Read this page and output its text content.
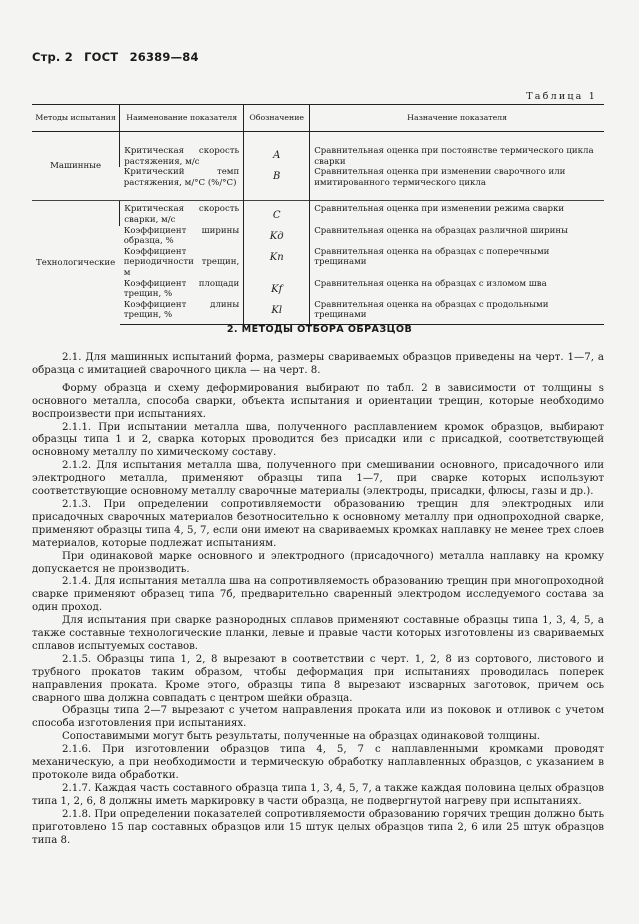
Стр. 2 ГОСТ 26389—84
Таблица 1
Методы испытания	Наименование показателя	Обозначение	Назначение показателя
Машинные	Критическая скорость растяжения, м/с	A	Сравнительная оценка при постоянстве термического цикла сварки
	Критический темп растяжения, м/°С (%/°С)	B	Сравнительная оценка при изменении сварочного или имитированного термического цикла
Технологические	Критическая скорость сварки, м/с	C	Сравнительная оценка при изменении режима сварки
	Коэффициент ширины образца, %	Kд	Сравнительная оценка на образцах различной ширины
	Коэффициент периодичности трещин, м	Kп	Сравнительная оценка на образцах с поперечными трещинами
	Коэффициент площади трещин, %	Kf	Сравнительная оценка на образцах с изломом шва
	Коэффициент длины трещин, %	Kl	Сравнительная оценка на образцах с продольными трещинами
2. МЕТОДЫ ОТБОРА ОБРАЗЦОВ

2.1. Для машинных испытаний форма, размеры свариваемых образцов приведены на черт. 1—7, а образца с имитацией сварочного цикла — на черт. 8.

Форму образца и схему деформирования выбирают по табл. 2 в зависимости от толщины s основного металла, способа сварки, объекта испытания и ориентации трещин, которые необходимо воспроизвести при испытаниях.

2.1.1. При испытании металла шва, полученного расплавлением кромок образцов, выбирают образцы типа 1 и 2, сварка которых проводится без присадки или с присадкой, соответствующей основному металлу по химическому составу.

2.1.2. Для испытания металла шва, полученного при смешивании основного, присадочного или электродного металла, применяют образцы типа 1—7, при сварке которых используют соответствующие основному металлу сварочные материалы (электроды, присадки, флюсы, газы и др.).

2.1.3. При определении сопротивляемости образованию трещин для электродных или присадочных сварочных материалов безотносительно к основному металлу при однопроходной сварке, применяют образцы типа 4, 5, 7, если они имеют на свариваемых кромках наплавку не менее трех слоев материалов, которые подлежат испытаниям.

При одинаковой марке основного и электродного (присадочного) металла наплавку на кромку допускается не производить.

2.1.4. Для испытания металла шва на сопротивляемость образованию трещин при многопроходной сварке применяют образец типа 7б, предварительно сваренный электродом исследуемого состава за один проход.

Для испытания при сварке разнородных сплавов применяют составные образцы типа 1, 3, 4, 5, а также составные технологические планки, левые и правые части которых изготовлены из свариваемых сплавов испытуемых составов.

2.1.5. Образцы типа 1, 2, 8 вырезают в соответствии с черт. 1, 2, 8 из сортового, листового и трубного прокатов таким образом, чтобы деформация при испытаниях проводилась поперек направления проката. Кроме этого, образцы типа 8 вырезают изсварных заготовок, причем ось сварного шва должна совпадать с центром шейки образца.

Образцы типа 2—7 вырезают с учетом направления проката или из поковок и отливок с учетом способа изготовления при испытаниях.

Сопоставимыми могут быть результаты, полученные на образцах одинаковой толщины.

2.1.6. При изготовлении образцов типа 4, 5, 7 с наплавленными кромками проводят механическую, а при необходимости и термическую обработку наплавленных образцов, с указанием в протоколе вида обработки.

2.1.7. Каждая часть составного образца типа 1, 3, 4, 5, 7, а также каждая половина целых образцов типа 1, 2, 6, 8 должны иметь маркировку в части образца, не подвергнутой нагреву при испытаниях.

2.1.8. При определении показателей сопротивляемости образованию горячих трещин должно быть приготовлено 15 пар составных образцов или 15 штук целых образцов типа 2, 6 или 25 штук образцов типа 8.
